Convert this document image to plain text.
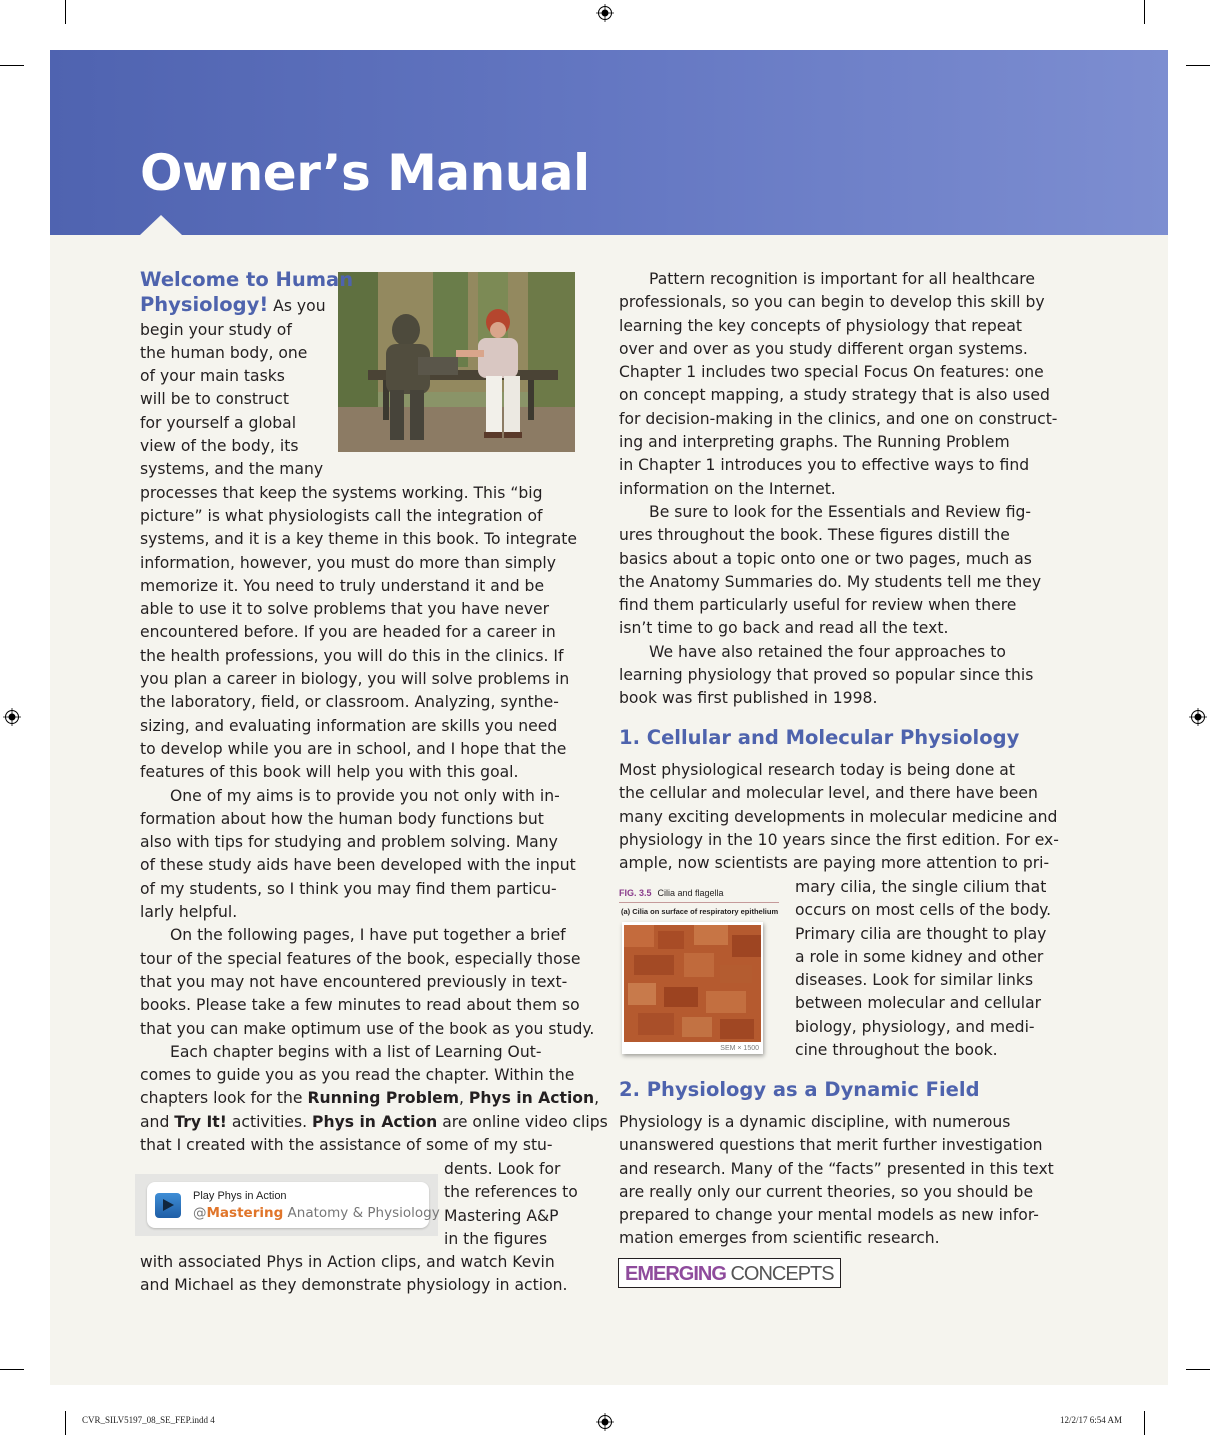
Owner’s Manual

Welcome to Human

Physiology! As you

begin your study of

the human body, one

of your main tasks

will be to construct

for yourself a global

view of the body, its

systems, and the many

processes that keep the systems working. This “big

picture” is what physiologists call the integration of

systems, and it is a key theme in this book. To integrate

information, however, you must do more than simply

memorize it. You need to truly understand it and be

able to use it to solve problems that you have never

encountered before. If you are headed for a career in

the health professions, you will do this in the clinics. If

you plan a career in biology, you will solve problems in

the laboratory, field, or classroom. Analyzing, synthe-

sizing, and evaluating information are skills you need

to develop while you are in school, and I hope that the

features of this book will help you with this goal.

One of my aims is to provide you not only with in-

formation about how the human body functions but

also with tips for studying and problem solving. Many

of these study aids have been developed with the input

of my students, so I think you may find them particu-

larly helpful.

On the following pages, I have put together a brief

tour of the special features of the book, especially those

that you may not have encountered previously in text-

books. Please take a few minutes to read about them so

that you can make optimum use of the book as you study.

Each chapter begins with a list of Learning Out-

comes to guide you as you read the chapter. Within the

chapters look for the Running Problem, Phys in Action,

and Try It! activities. Phys in Action are online video clips

that I created with the assistance of some of my stu-

dents. Look for

the references to

Mastering A&P

in the figures

with associated Phys in Action clips, and watch Kevin

and Michael as they demonstrate physiology in action.

Play Phys in Action
@Mastering Anatomy & Physiology

Pattern recognition is important for all healthcare

professionals, so you can begin to develop this skill by

learning the key concepts of physiology that repeat

over and over as you study different organ systems.

Chapter 1 includes two special Focus On features: one

on concept mapping, a study strategy that is also used

for decision-making in the clinics, and one on construct-

ing and interpreting graphs. The Running Problem

in Chapter 1 introduces you to effective ways to find

information on the Internet.

Be sure to look for the Essentials and Review fig-

ures throughout the book. These figures distill the

basics about a topic onto one or two pages, much as

the Anatomy Summaries do. My students tell me they

find them particularly useful for review when there

isn’t time to go back and read all the text.

We have also retained the four approaches to

learning physiology that proved so popular since this

book was first published in 1998.

1. Cellular and Molecular Physiology

Most physiological research today is being done at

the cellular and molecular level, and there have been

many exciting developments in molecular medicine and

physiology in the 10 years since the first edition. For ex-

ample, now scientists are paying more attention to pri-

mary cilia, the single cilium that

occurs on most cells of the body.

Primary cilia are thought to play

a role in some kidney and other

diseases. Look for similar links

between molecular and cellular

biology, physiology, and medi-

cine throughout the book.

FIG. 3.5 Cilia and flagella
(a) Cilia on surface of respiratory epithelium
SEM × 1500
2. Physiology as a Dynamic Field

Physiology is a dynamic discipline, with numerous

unanswered questions that merit further investigation

and research. Many of the “facts” presented in this text

are really only our current theories, so you should be

prepared to change your mental models as new infor-

mation emerges from scientific research.

EMERGING CONCEPTS
CVR_SILV5197_08_SE_FEP.indd 4	12/2/17 6:54 AM
